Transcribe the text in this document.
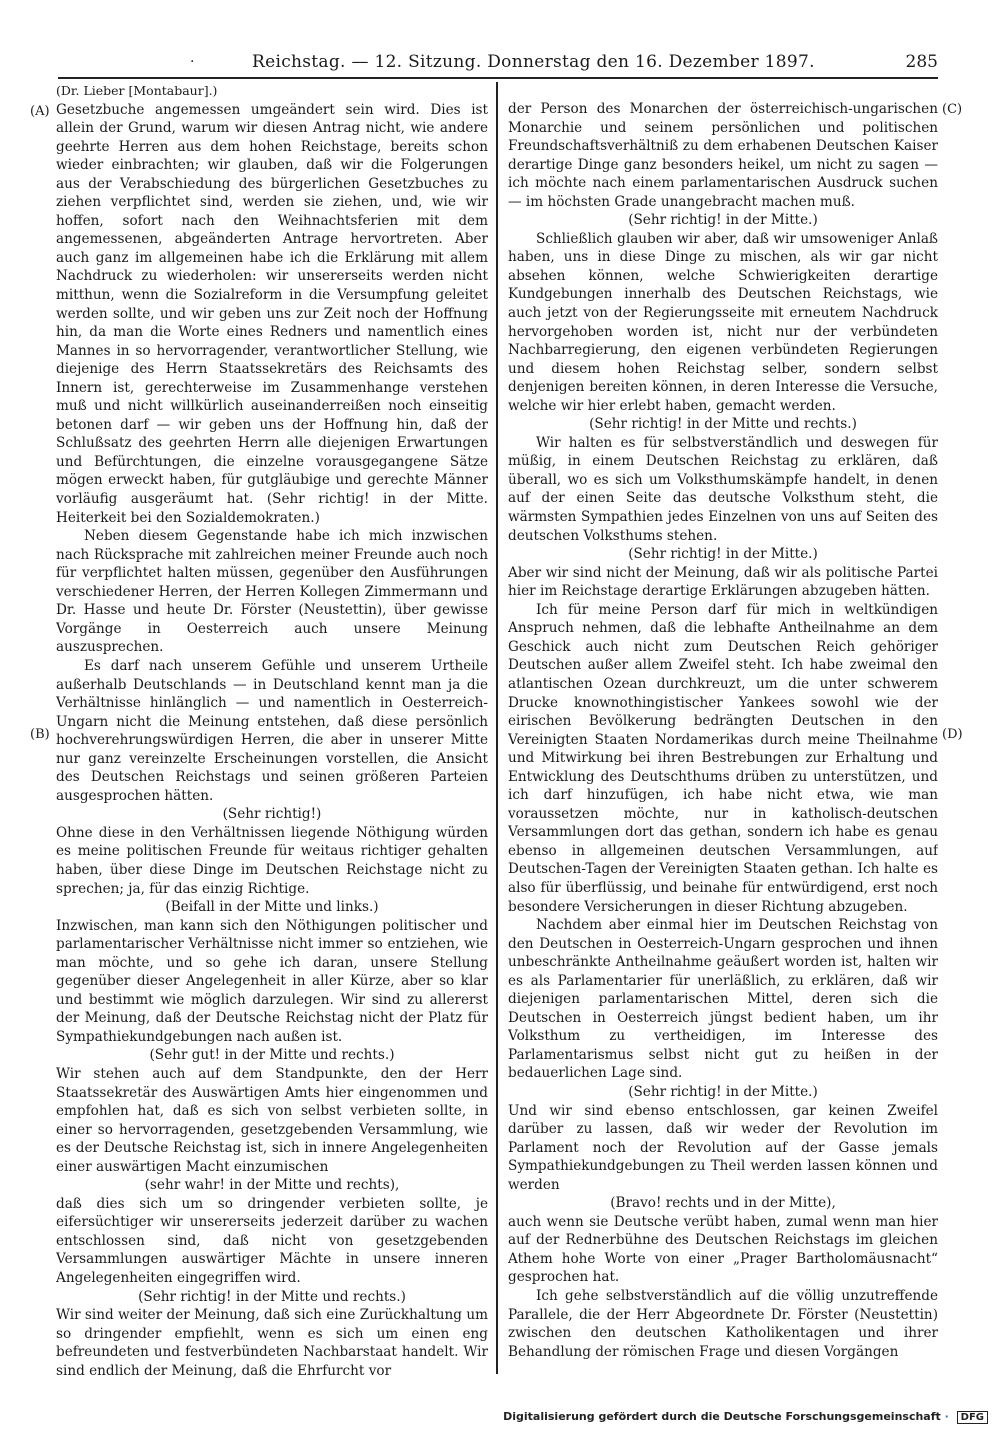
·	Reichstag. — 12. Sitzung. Donnerstag den 16. Dezember 1897.	285
(A)
(B)
(C)
(D)

(Dr. Lieber [Montabaur].)

Gesetzbuche angemessen umgeändert sein wird. Dies ist allein der Grund, warum wir diesen Antrag nicht, wie andere geehrte Herren aus dem hohen Reichstage, bereits schon wieder einbrachten; wir glauben, daß wir die Folgerungen aus der Verabschiedung des bürgerlichen Gesetzbuches zu ziehen verpflichtet sind, werden sie ziehen, und, wie wir hoffen, sofort nach den Weihnachtsferien mit dem angemessenen, abgeänderten Antrage hervortreten. Aber auch ganz im allgemeinen habe ich die Erklärung mit allem Nachdruck zu wiederholen: wir unsererseits werden nicht mitthun, wenn die Sozialreform in die Versumpfung geleitet werden sollte, und wir geben uns zur Zeit noch der Hoffnung hin, da man die Worte eines Redners und namentlich eines Mannes in so hervorragender, verantwortlicher Stellung, wie diejenige des Herrn Staatssekretärs des Reichsamts des Innern ist, gerechterweise im Zusammenhange verstehen muß und nicht willkürlich auseinanderreißen noch einseitig betonen darf — wir geben uns der Hoffnung hin, daß der Schlußsatz des geehrten Herrn alle diejenigen Erwartungen und Befürchtungen, die einzelne vorausgegangene Sätze mögen erweckt haben, für gutgläubige und gerechte Männer vorläufig ausgeräumt hat. (Sehr richtig! in der Mitte. Heiterkeit bei den Sozialdemokraten.)

Neben diesem Gegenstande habe ich mich inzwischen nach Rücksprache mit zahlreichen meiner Freunde auch noch für verpflichtet halten müssen, gegenüber den Ausführungen verschiedener Herren, der Herren Kollegen Zimmermann und Dr. Hasse und heute Dr. Förster (Neustettin), über gewisse Vorgänge in Oesterreich auch unsere Meinung auszusprechen.

Es darf nach unserem Gefühle und unserem Urtheile außerhalb Deutschlands — in Deutschland kennt man ja die Verhältnisse hinlänglich — und namentlich in Oesterreich-Ungarn nicht die Meinung entstehen, daß diese persönlich hochverehrungswürdigen Herren, die aber in unserer Mitte nur ganz vereinzelte Erscheinungen vorstellen, die Ansicht des Deutschen Reichstags und seinen größeren Parteien ausgesprochen hätten.

(Sehr richtig!)

Ohne diese in den Verhältnissen liegende Nöthigung würden es meine politischen Freunde für weitaus richtiger gehalten haben, über diese Dinge im Deutschen Reichstage nicht zu sprechen; ja, für das einzig Richtige.

(Beifall in der Mitte und links.)

Inzwischen, man kann sich den Nöthigungen politischer und parlamentarischer Verhältnisse nicht immer so entziehen, wie man möchte, und so gehe ich daran, unsere Stellung gegenüber dieser Angelegenheit in aller Kürze, aber so klar und bestimmt wie möglich darzulegen. Wir sind zu allererst der Meinung, daß der Deutsche Reichstag nicht der Platz für Sympathiekundgebungen nach außen ist.

(Sehr gut! in der Mitte und rechts.)

Wir stehen auch auf dem Standpunkte, den der Herr Staatssekretär des Auswärtigen Amts hier eingenommen und empfohlen hat, daß es sich von selbst verbieten sollte, in einer so hervorragenden, gesetzgebenden Versammlung, wie es der Deutsche Reichstag ist, sich in innere Angelegenheiten einer auswärtigen Macht einzumischen

(sehr wahr! in der Mitte und rechts),

daß dies sich um so dringender verbieten sollte, je eifersüchtiger wir unsererseits jederzeit darüber zu wachen entschlossen sind, daß nicht von gesetzgebenden Versammlungen auswärtiger Mächte in unsere inneren Angelegenheiten eingegriffen wird.

(Sehr richtig! in der Mitte und rechts.)

Wir sind weiter der Meinung, daß sich eine Zurückhaltung um so dringender empfiehlt, wenn es sich um einen eng befreundeten und festverbündeten Nachbarstaat handelt. Wir sind endlich der Meinung, daß die Ehrfurcht vor

der Person des Monarchen der österreichisch-ungarischen Monarchie und seinem persönlichen und politischen Freundschaftsverhältniß zu dem erhabenen Deutschen Kaiser derartige Dinge ganz besonders heikel, um nicht zu sagen — ich möchte nach einem parlamentarischen Ausdruck suchen — im höchsten Grade unangebracht machen muß.

(Sehr richtig! in der Mitte.)

Schließlich glauben wir aber, daß wir umsoweniger Anlaß haben, uns in diese Dinge zu mischen, als wir gar nicht absehen können, welche Schwierigkeiten derartige Kundgebungen innerhalb des Deutschen Reichstags, wie auch jetzt von der Regierungsseite mit erneutem Nachdruck hervorgehoben worden ist, nicht nur der verbündeten Nachbarregierung, den eigenen verbündeten Regierungen und diesem hohen Reichstag selber, sondern selbst denjenigen bereiten können, in deren Interesse die Versuche, welche wir hier erlebt haben, gemacht werden.

(Sehr richtig! in der Mitte und rechts.)

Wir halten es für selbstverständlich und deswegen für müßig, in einem Deutschen Reichstag zu erklären, daß überall, wo es sich um Volksthumskämpfe handelt, in denen auf der einen Seite das deutsche Volksthum steht, die wärmsten Sympathien jedes Einzelnen von uns auf Seiten des deutschen Volksthums stehen.

(Sehr richtig! in der Mitte.)

Aber wir sind nicht der Meinung, daß wir als politische Partei hier im Reichstage derartige Erklärungen abzugeben hätten.

Ich für meine Person darf für mich in weltkündigen Anspruch nehmen, daß die lebhafte Antheilnahme an dem Geschick auch nicht zum Deutschen Reich gehöriger Deutschen außer allem Zweifel steht. Ich habe zweimal den atlantischen Ozean durchkreuzt, um die unter schwerem Drucke knownothingistischer Yankees sowohl wie der eirischen Bevölkerung bedrängten Deutschen in den Vereinigten Staaten Nordamerikas durch meine Theilnahme und Mitwirkung bei ihren Bestrebungen zur Erhaltung und Entwicklung des Deutschthums drüben zu unterstützen, und ich darf hinzufügen, ich habe nicht etwa, wie man voraussetzen möchte, nur in katholisch-deutschen Versammlungen dort das gethan, sondern ich habe es genau ebenso in allgemeinen deutschen Versammlungen, auf Deutschen-Tagen der Vereinigten Staaten gethan. Ich halte es also für überflüssig, und beinahe für entwürdigend, erst noch besondere Versicherungen in dieser Richtung abzugeben.

Nachdem aber einmal hier im Deutschen Reichstag von den Deutschen in Oesterreich-Ungarn gesprochen und ihnen unbeschränkte Antheilnahme geäußert worden ist, halten wir es als Parlamentarier für unerläßlich, zu erklären, daß wir diejenigen parlamentarischen Mittel, deren sich die Deutschen in Oesterreich jüngst bedient haben, um ihr Volksthum zu vertheidigen, im Interesse des Parlamentarismus selbst nicht gut zu heißen in der bedauerlichen Lage sind.

(Sehr richtig! in der Mitte.)

Und wir sind ebenso entschlossen, gar keinen Zweifel darüber zu lassen, daß wir weder der Revolution im Parlament noch der Revolution auf der Gasse jemals Sympathiekundgebungen zu Theil werden lassen können und werden

(Bravo! rechts und in der Mitte),

auch wenn sie Deutsche verübt haben, zumal wenn man hier auf der Rednerbühne des Deutschen Reichstags im gleichen Athem hohe Worte von einer „Prager Bartholomäusnacht“ gesprochen hat.

Ich gehe selbstverständlich auf die völlig unzutreffende Parallele, die der Herr Abgeordnete Dr. Förster (Neustettin) zwischen den deutschen Katholikentagen und ihrer Behandlung der römischen Frage und diesen Vorgängen

Digitalisierung gefördert durch die Deutsche Forschungsgemeinschaft · DFG
